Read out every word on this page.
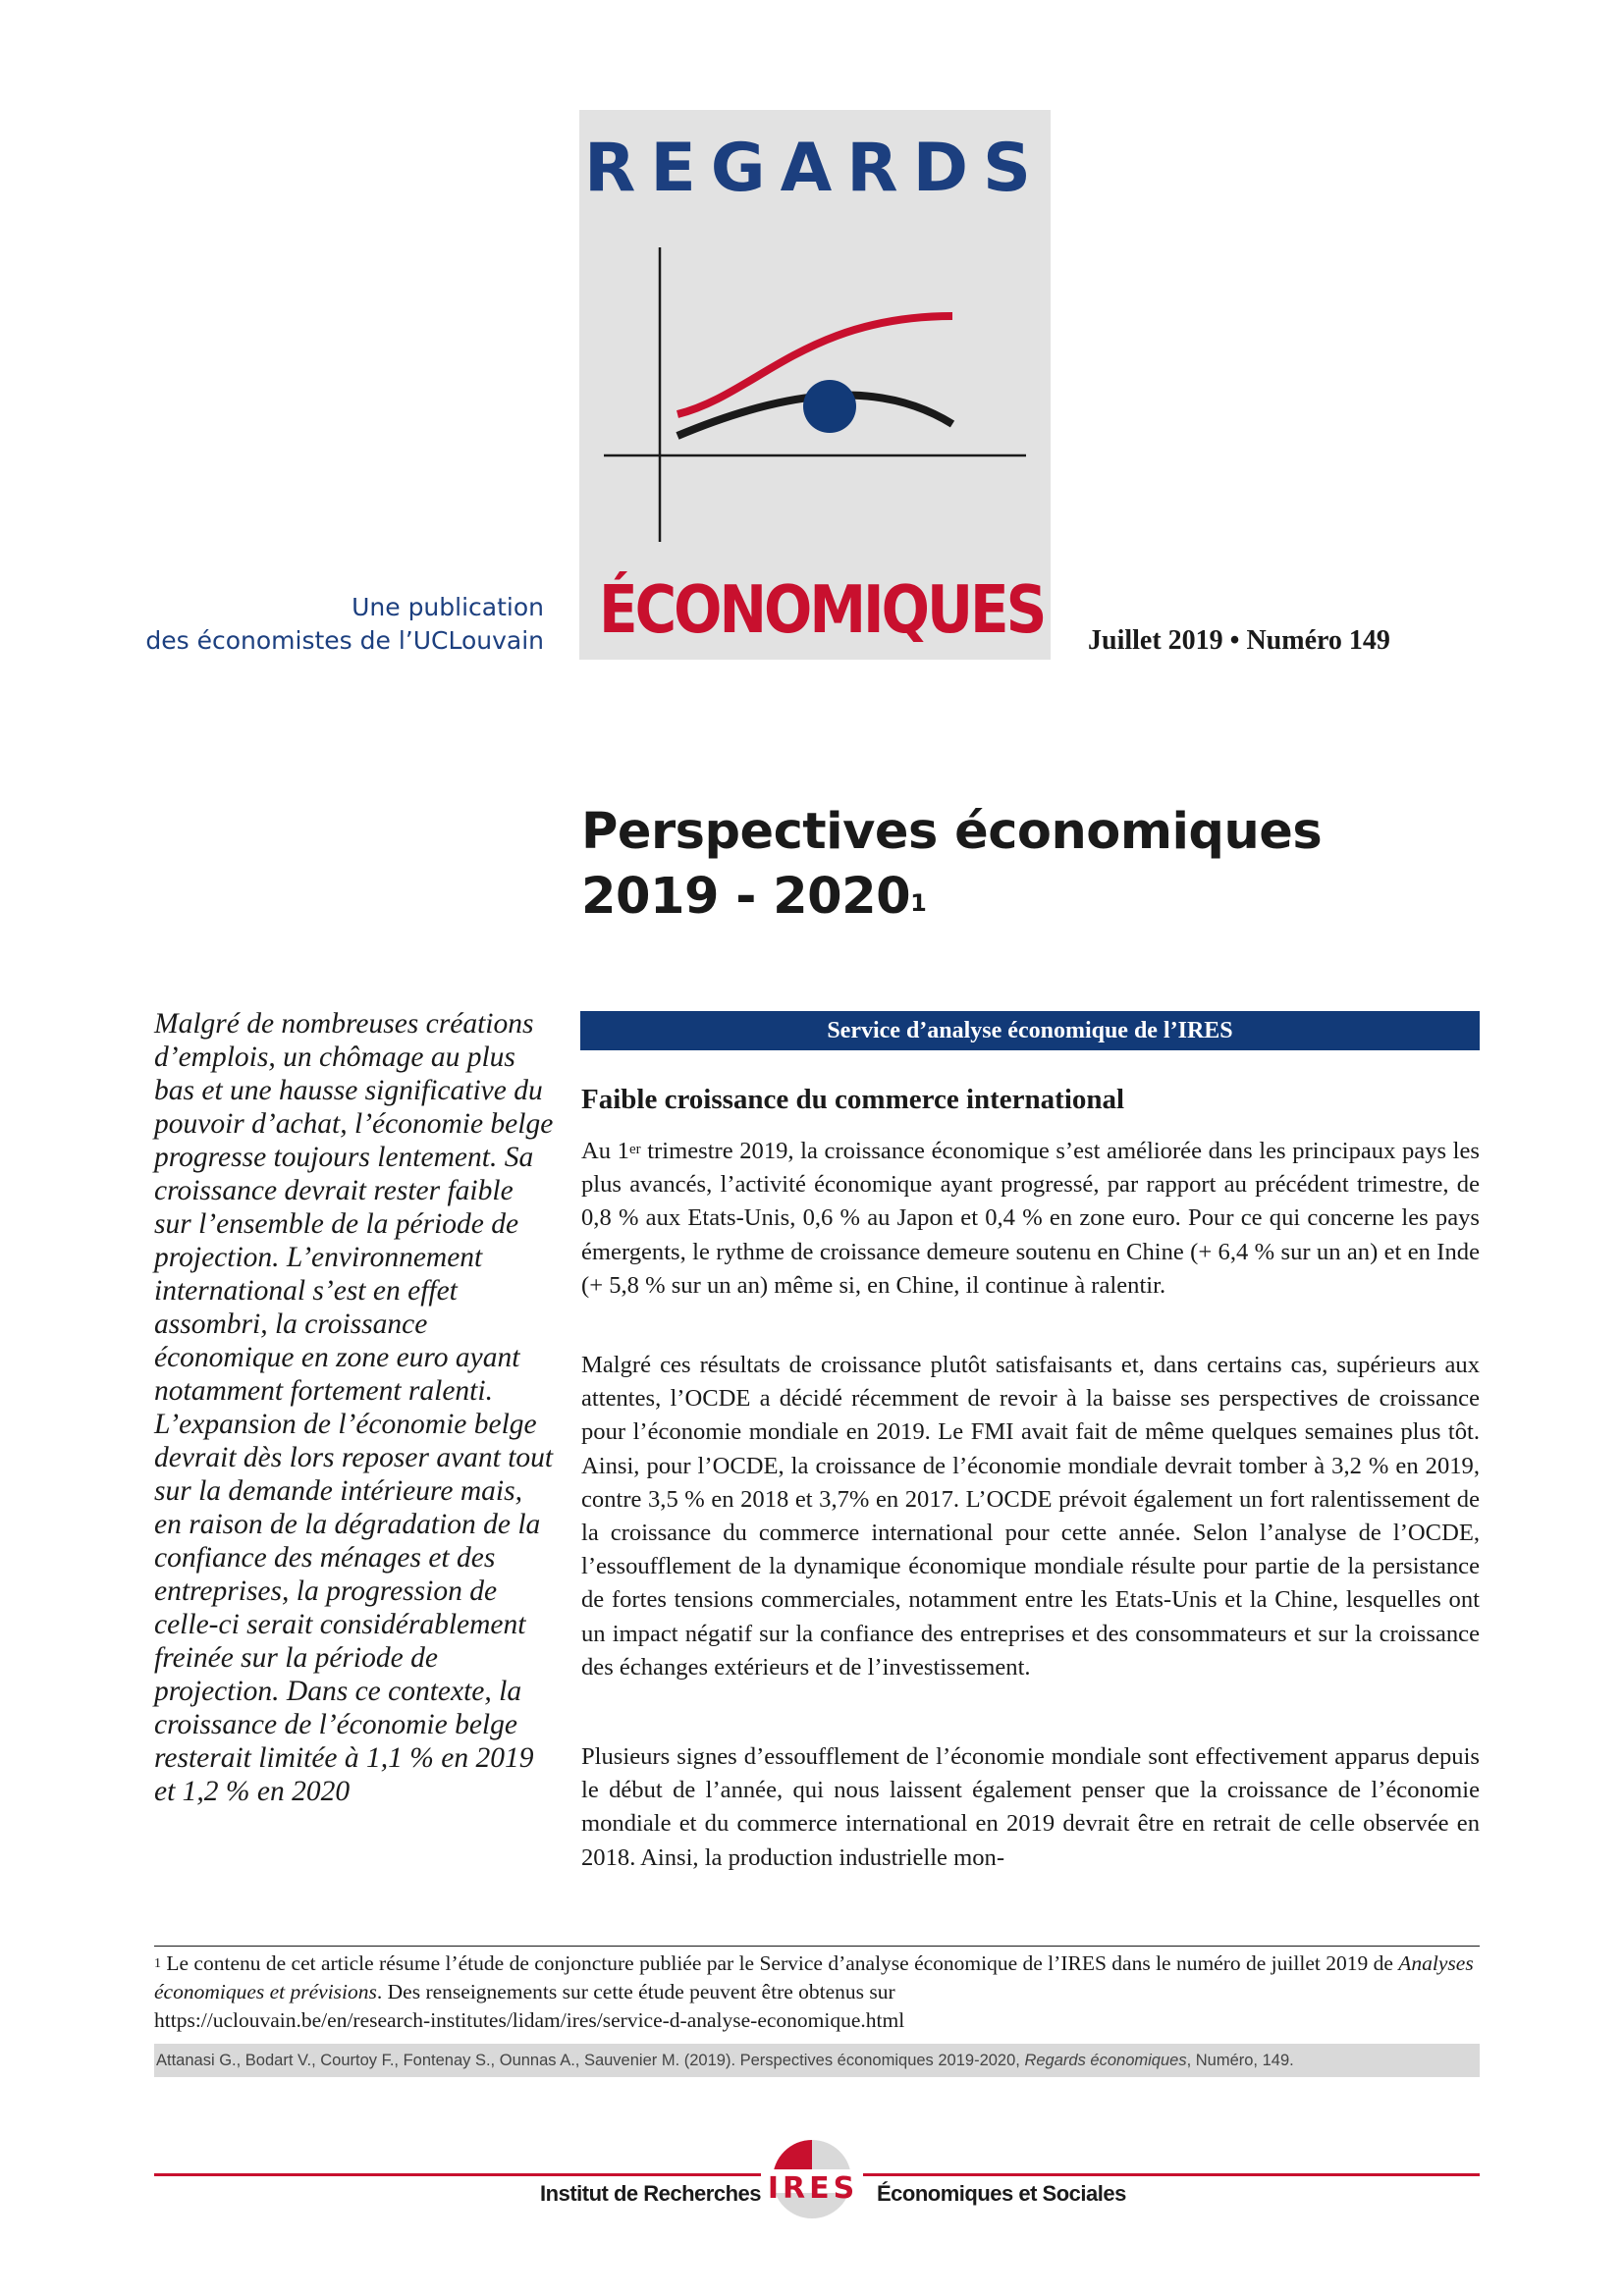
REGARDS
ÉCONOMIQUES
Une publication
des économistes de l’UCLouvain	Juillet 2019 • Numéro 149
Perspectives économiques
2019 - 2020$^1$
Malgré de nombreuses créations d’emplois, un chômage au plus bas et une hausse significative du pouvoir d’achat, l’économie belge progresse toujours lentement. Sa croissance devrait rester faible sur l’ensemble de la période de projection. L’environnement international s’est en effet assombri, la croissance économique en zone euro ayant notamment fortement ralenti. L’expansion de l’économie belge devrait dès lors reposer avant tout sur la demande intérieure mais, en raison de la dégradation de la confiance des ménages et des entreprises, la progression de celle-ci serait considérablement freinée sur la période de projection. Dans ce contexte, la croissance de l’économie belge resterait limitée à 1,1 % en 2019 et 1,2 % en 2020
Service d’analyse économique de l’IRES
Faible croissance du commerce international
Au 1er trimestre 2019, la croissance économique s’est améliorée dans les principaux pays les plus avancés, l’activité économique ayant progressé, par rapport au précédent trimestre, de 0,8 % aux Etats-Unis, 0,6 % au Japon et 0,4 % en zone euro. Pour ce qui concerne les pays émergents, le rythme de croissance demeure soutenu en Chine (+ 6,4 % sur un an) et en Inde (+ 5,8 % sur un an) même si, en Chine, il continue à ralentir.
Malgré ces résultats de croissance plutôt satisfaisants et, dans certains cas, supérieurs aux attentes, l’OCDE a décidé récemment de revoir à la baisse ses perspectives de croissance pour l’économie mondiale en 2019. Le FMI avait fait de même quelques semaines plus tôt. Ainsi, pour l’OCDE, la croissance de l’économie mondiale devrait tomber à 3,2 % en 2019, contre 3,5 % en 2018 et 3,7% en 2017. L’OCDE prévoit également un fort ralentissement de la croissance du commerce international pour cette année. Selon l’analyse de l’OCDE, l’essoufflement de la dynamique économique mondiale résulte pour partie de la persistance de fortes tensions commerciales, notamment entre les Etats-Unis et la Chine, lesquelles ont un impact négatif sur la confiance des entreprises et des consommateurs et sur la croissance des échanges extérieurs et de l’investissement.
Plusieurs signes d’essoufflement de l’économie mondiale sont effectivement apparus depuis le début de l’année, qui nous laissent également penser que la croissance de l’économie mondiale et du commerce international en 2019 devrait être en retrait de celle observée en 2018. Ainsi, la production industrielle mon-
$^1$ Le contenu de cet article résume l’étude de conjoncture publiée par le Service d’analyse économique de l’IRES dans le numéro de juillet 2019 de Analyses économiques et prévisions. Des renseignements sur cette étude peuvent être obtenus sur
https://uclouvain.be/en/research-institutes/lidam/ires/service-d-analyse-economique.html
Attanasi G., Bodart V., Courtoy F., Fontenay S., Ounnas A., Sauvenier M. (2019). Perspectives économiques 2019-2020, Regards économiques, Numéro, 149.
Institut de Recherches IRES Économiques et Sociales
